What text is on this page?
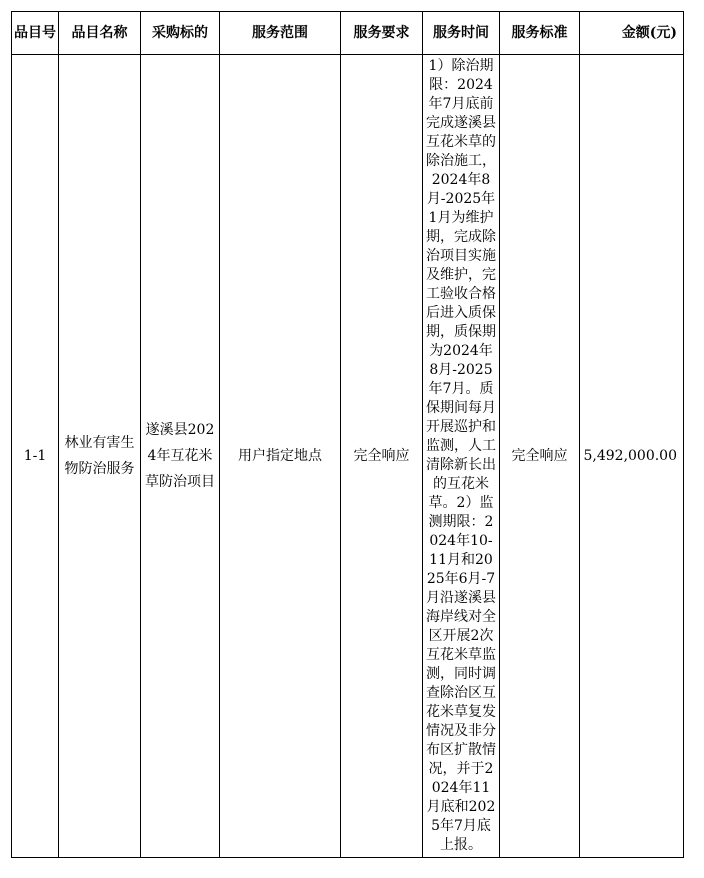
品目号	品目名称	采购标的	服务范围	服务要求	服务时间	服务标准	金额(元)
1-1	林业有害生物防治服务	遂溪县2024年互花米草防治项目	用户指定地点	完全响应	1）除治期限：2024年7月底前完成遂溪县互花米草的除治施工，2024年8月-2025年1月为维护期，完成除治项目实施及维护，完工验收合格后进入质保期，质保期为2024年8月-2025年7月。质保期间每月开展巡护和监测，人工清除新长出的互花米草。2）监测期限：2024年10-11月和2025年6月-7月沿遂溪县海岸线对全区开展2次互花米草监测，同时调查除治区互花米草复发情况及非分布区扩散情况，并于2024年11月底和2025年7月底上报。	完全响应	5,492,000.00
